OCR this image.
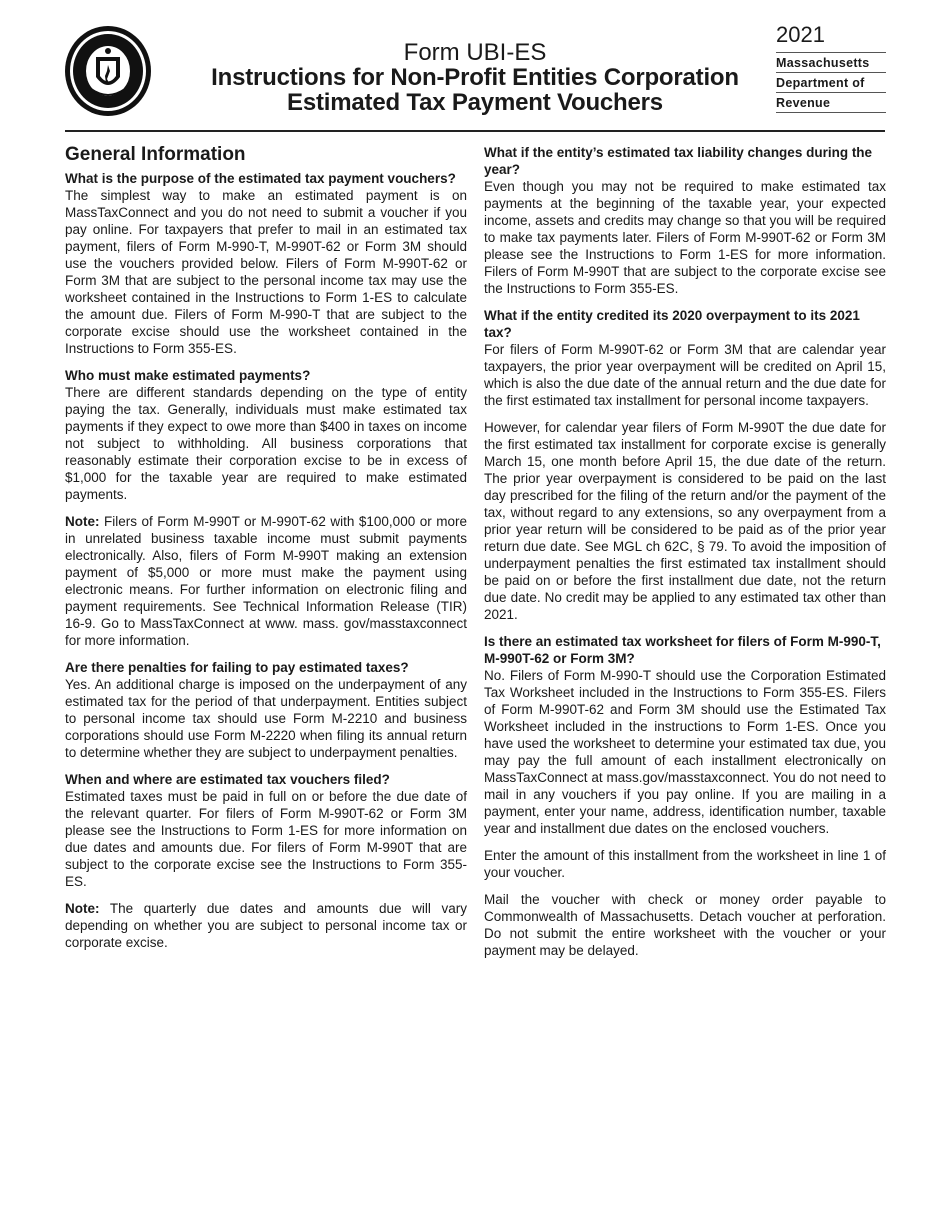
Form UBI-ES
Instructions for Non-Profit Entities Corporation
Estimated Tax Payment Vouchers
2021
Massachusetts
Department of
Revenue
General Information

What is the purpose of the estimated tax payment vouchers?

The simplest way to make an estimated payment is on MassTaxConnect and you do not need to submit a voucher if you pay online. For taxpayers that prefer to mail in an estimated tax payment, filers of Form M-990-T, M-990T-62 or Form 3M should use the vouchers provided below. Filers of Form M-990T-62 or Form 3M that are subject to the personal income tax may use the worksheet contained in the Instructions to Form 1-ES to calculate the amount due. Filers of Form M-990-T that are subject to the corporate excise should use the worksheet contained in the Instructions to Form 355-ES.

Who must make estimated payments?

There are different standards depending on the type of entity paying the tax. Generally, individuals must make estimated tax payments if they expect to owe more than $400 in taxes on income not subject to withholding. All business corporations that reasonably estimate their corporation excise to be in excess of $1,000 for the taxable year are required to make estimated payments.

Note: Filers of Form M-990T or M-990T-62 with $100,000 or more in unrelated business taxable income must submit payments electronically. Also, filers of Form M-990T making an extension payment of $5,000 or more must make the payment using electronic means. For further information on electronic filing and payment requirements. See Technical Information Release (TIR) 16-9. Go to MassTaxConnect at www. mass. gov/masstaxconnect for more information.

Are there penalties for failing to pay estimated taxes?

Yes. An additional charge is imposed on the underpayment of any estimated tax for the period of that underpayment. Entities subject to personal income tax should use Form M-2210 and business corporations should use Form M-2220 when filing its annual return to determine whether they are subject to underpayment penalties.

When and where are estimated tax vouchers filed?

Estimated taxes must be paid in full on or before the due date of the relevant quarter. For filers of Form M-990T-62 or Form 3M please see the Instructions to Form 1-ES for more information on due dates and amounts due. For filers of Form M-990T that are subject to the corporate excise see the Instructions to Form 355-ES.

Note: The quarterly due dates and amounts due will vary depending on whether you are subject to personal income tax or corporate excise.

What if the entity’s estimated tax liability changes during the year?

Even though you may not be required to make estimated tax payments at the beginning of the taxable year, your expected income, assets and credits may change so that you will be required to make tax payments later. Filers of Form M-990T-62 or Form 3M please see the Instructions to Form 1-ES for more information. Filers of Form M-990T that are subject to the corporate excise see the Instructions to Form 355-ES.

What if the entity credited its 2020 overpayment to its 2021 tax?

For filers of Form M-990T-62 or Form 3M that are calendar year taxpayers, the prior year overpayment will be credited on April 15, which is also the due date of the annual return and the due date for the first estimated tax installment for personal income taxpayers.

However, for calendar year filers of Form M-990T the due date for the first estimated tax installment for corporate excise is generally March 15, one month before April 15, the due date of the return. The prior year overpayment is considered to be paid on the last day prescribed for the filing of the return and/or the payment of the tax, without regard to any extensions, so any overpayment from a prior year return will be considered to be paid as of the prior year return due date. See MGL ch 62C, § 79. To avoid the imposition of underpayment penalties the first estimated tax installment should be paid on or before the first installment due date, not the return due date. No credit may be applied to any estimated tax other than 2021.

Is there an estimated tax worksheet for filers of Form M-990-T, M-990T-62 or Form 3M?

No. Filers of Form M-990-T should use the Corporation Estimated Tax Worksheet included in the Instructions to Form 355-ES. Filers of Form M-990T-62 and Form 3M should use the Estimated Tax Worksheet included in the instructions to Form 1-ES. Once you have used the worksheet to determine your estimated tax due, you may pay the full amount of each installment electronically on MassTaxConnect at mass.gov/masstaxconnect. You do not need to mail in any vouchers if you pay online. If you are mailing in a payment, enter your name, address, identification number, taxable year and installment due dates on the enclosed vouchers.

Enter the amount of this installment from the worksheet in line 1 of your voucher.

Mail the voucher with check or money order payable to Commonwealth of Massachusetts. Detach voucher at perforation. Do not submit the entire worksheet with the voucher or your payment may be delayed.
